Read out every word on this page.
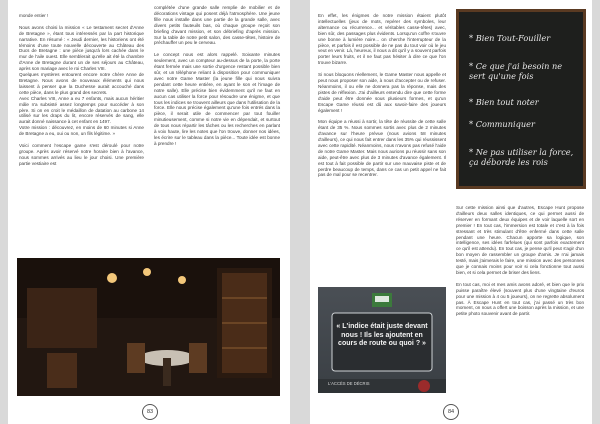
monde entier !

Nous avons choisi la mission « Le testament secret d'Anne de Bretagne », étant tous intéressés par la part historique narrative. En résumé : « Jeudi dernier, les historiens ont été témoins d'une toute nouvelle découverte au Château des Ducs de Bretagne : une pièce jusqu'à lors cachée dans le mur de l'aile ouest. Elle semblerait qu'elle ait été la chambre d'Anne de Bretagne durant un de ses séjours au Château, après son mariage avec le roi Charles VIII.
Quelques mystères entourent encore notre chère Anne de Bretagne. Nous avons de nouveaux éléments qui nous laissent à penser que la Duchesse aurait accouché dans cette pièce, dans le plus grand des secrets.
Avec Charles VIII, Anne a eu 7 enfants, mais aucun héritier mâle n'a subsisté assez longtemps pour succéder à son père. Si on en croit le médaillon de datation au carbone 14 utilisé sur les draps du lit, encore réservés de sang, elle aurait donné naissance à cet enfant en 1497.
Votre mission : découvrez, en moins de 60 minutes si Anne de Bretagne a eu, oui ou non, un fils légitime. »

Voici comment l'escape game s'est déroulé pour notre groupe. Après avoir réservé notre horaire bien à l'avance, nous sommes arrivés au lieu le jour choisi. Une première partie vestiaire est
complétée d'une grande salle remplie de mobilier et de décorations vintage qui posent déjà l'atmosphère. Une jeune fille nous installe dans une partie de la grande salle, avec divers petits fauteuils bas, où chaque groupe reçoit son briefing d'avant mission, et son débriefing d'après mission. Sur la table de notre petit salon, des casse-têtes, histoire de préchauffer un peu le cerveau.

Le concept nous est alors rappelé. Soixante minutes seulement, avec un compteur au-dessus de la porte, la porte étant fermée mais une sortie d'urgence restant possible bien sûr, et un téléphone reliant à disposition pour communiquer avec notre Game Master (la jeune fille qui nous suivra pendant cette heure entière, en ayant le son et l'image de notre salle). Elle précise bien évidemment qu'il ne faut en aucun cas utiliser la force pour résoudre une énigme, et que tous les indices se trouvent ailleurs que dans l'utilisation de la force. Elle nous précise également qu'une fois entrés dans la pièce, il serait utile de commencer par tout fouiller minutieusement, comme si notre vie en dépendait, et surtout de tous nous répartir les tâches ou les recherches en parlant à voix haute, lire les notes que l'on trouve, donner nos idées, les écrire sur le tableau dans la pièce... Toute idée est bonne à prendre !
83
En effet, les énigmes de notre mission étaient plutôt intellectuelles (jeux de mots, repérer des symboles, leur alternance ou récurrence... et véritables casse-têtes) avec, bien sûr, des passages plus évidents. Lorsqu'un coffre s'ouvre une bonne à lumière noire... on cherche l'interrupteur de la pièce, et parfois il est possible de ne pas du tout voir où le jeu veut en venir. Là, heureux, il nous a dit qu'il y a souvent parfois porter leurs fruits, et il ne faut pas hésiter à dire ce que l'on trouve bizarre.

Si nous bloquons réellement, le Game Master nous appelle et peut nous proposer son aide, à nous d'accepter ou de refuser. Néanmoins, il ou elle ne donnera pas la réponse, mais des pistes de réflexion. J'ai d'ailleurs entendu dire que cette forme d'aide peut être donnée sous plusieurs formes, et qu'un Escape Game réussi est dû aux savoir-faire des joueurs également !

Mon équipe a réussi à sortir, la tête de réussite de cette salle étant de 35 %. Nous sommes sortis avec plus de 2 minutes d'avance sur l'heure prévue (nous avions 58 minutes d'ailleurs), ce qui nous fait entrer dans les 35% qui réussissent avec cette rapidité. Néanmoins, nous n'avons pas refusé l'aide de notre Game Master. Mais nous aurions pu réussir sans son aide, peut-être avec plus de 3 minutes d'avance également. Il est tout à fait possible de partir sur une mauvaise piste et de perdre beaucoup de temps, dans ce cas un petit appel ne fait pas de mal pour se recentrer.
* Bien Tout-Fouiller
* Ce que j'ai besoin ne sert qu'une fois
* Bien tout noter
* Communiquer
* Ne pas utiliser la force, ça déborde les rois
Sur cette mission ainsi que d'autres, Escape Hunt propose d'ailleurs deux salles identiques, ce qui permet aussi de réserver en formant deux équipes et de voir laquelle sort en premier ! En tout cas, l'immersion est totale et c'est à la fois stressant et très stimulant d'être enfermé dans cette salle pendant une heure. Chacun apporte sa logique, son intelligence, ses idées farfelues (qui sont parfois exactement ce qu'il est attendu). En tout cas, je pense qu'il peut s'agir d'un bon moyen de rassembler un groupe d'amis. Je n'ai jamais testé, mais j'aimerais le faire, une mission avec des personnes que je connais moins pour voir si cela fonctionne tout aussi bien, et si cela permet de briser des liens.

En tout cas, moi et mes amis avons adoré, et bien que le prix puisse paraître élevé (souvent plus d'une vingtaine d'euros pour une mission à 4 ou 5 joueurs), on ne regrette absolument pas. À Escape Hunt en tout cas, j'ai passé un très bon moment, on nous a offert une boisson après la mission, et une petite photo souvenir avant de partir.
« L'indice était juste devant nous ! Ils les ajoutent en cours de route ou quoi ? »
L'ACCÈS DE DÉCRIS
84
